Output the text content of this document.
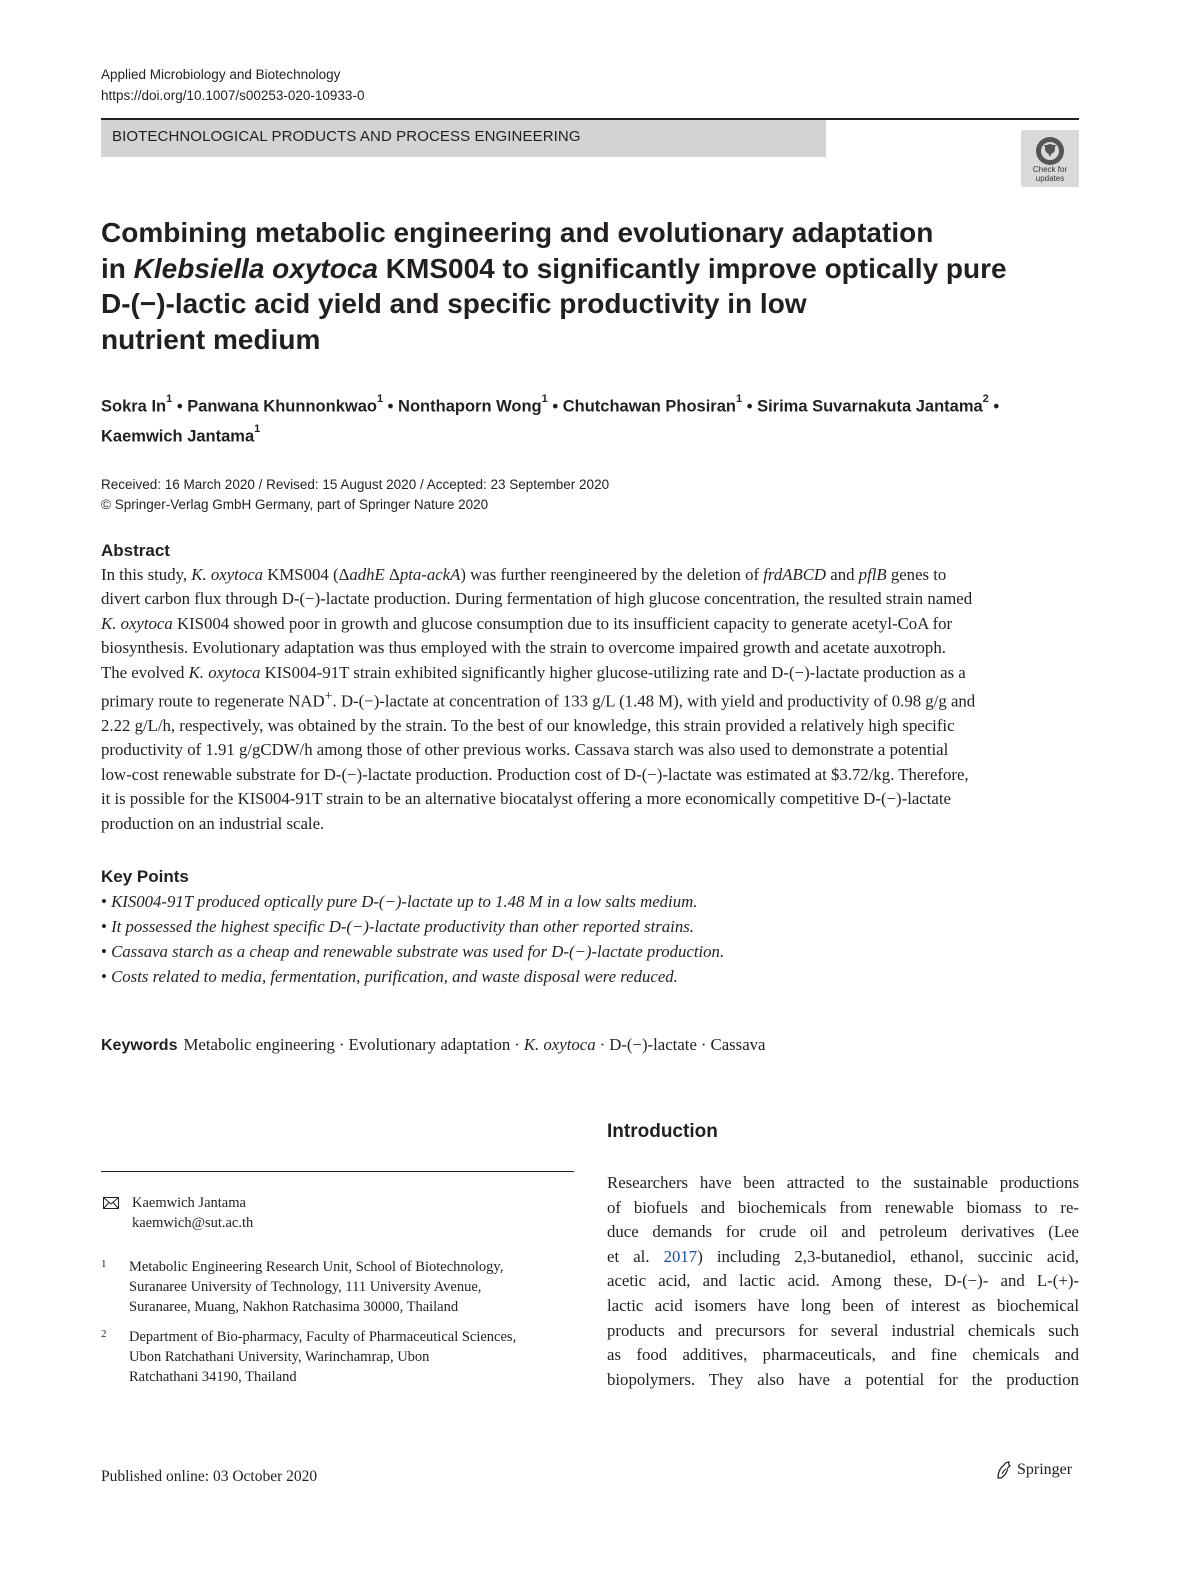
Applied Microbiology and Biotechnology
https://doi.org/10.1007/s00253-020-10933-0
BIOTECHNOLOGICAL PRODUCTS AND PROCESS ENGINEERING
Check for
updates
Combining metabolic engineering and evolutionary adaptation
in Klebsiella oxytoca KMS004 to significantly improve optically pure
D-(−)-lactic acid yield and specific productivity in low
nutrient medium
Sokra In$^1$ • Panwana Khunnonkwao$^1$ • Nonthaporn Wong$^1$ • Chutchawan Phosiran$^1$ • Sirima Suvarnakuta Jantama$^2$ •
Kaemwich Jantama$^1$
Received: 16 March 2020 / Revised: 15 August 2020 / Accepted: 23 September 2020
© Springer-Verlag GmbH Germany, part of Springer Nature 2020
Abstract
In this study, K. oxytoca KMS004 (ΔadhE Δpta-ackA) was further reengineered by the deletion of frdABCD and pflB genes to
divert carbon flux through D-(−)-lactate production. During fermentation of high glucose concentration, the resulted strain named
K. oxytoca KIS004 showed poor in growth and glucose consumption due to its insufficient capacity to generate acetyl-CoA for
biosynthesis. Evolutionary adaptation was thus employed with the strain to overcome impaired growth and acetate auxotroph.
The evolved K. oxytoca KIS004-91T strain exhibited significantly higher glucose-utilizing rate and D-(−)-lactate production as a
primary route to regenerate NAD+. D-(−)-lactate at concentration of 133 g/L (1.48 M), with yield and productivity of 0.98 g/g and
2.22 g/L/h, respectively, was obtained by the strain. To the best of our knowledge, this strain provided a relatively high specific
productivity of 1.91 g/gCDW/h among those of other previous works. Cassava starch was also used to demonstrate a potential
low-cost renewable substrate for D-(−)-lactate production. Production cost of D-(−)-lactate was estimated at $3.72/kg. Therefore,
it is possible for the KIS004-91T strain to be an alternative biocatalyst offering a more economically competitive D-(−)-lactate
production on an industrial scale.
Key Points
• KIS004-91T produced optically pure D-(−)-lactate up to 1.48 M in a low salts medium.
• It possessed the highest specific D-(−)-lactate productivity than other reported strains.
• Cassava starch as a cheap and renewable substrate was used for D-(−)-lactate production.
• Costs related to media, fermentation, purification, and waste disposal were reduced.
Keywords Metabolic engineering · Evolutionary adaptation · K. oxytoca · D-(−)-lactate · Cassava
Introduction
Researchers have been attracted to the sustainable productions
of biofuels and biochemicals from renewable biomass to re-
duce demands for crude oil and petroleum derivatives (Lee
et al. 2017) including 2,3-butanediol, ethanol, succinic acid,
acetic acid, and lactic acid. Among these, D-(−)- and L-(+)-
lactic acid isomers have long been of interest as biochemical
products and precursors for several industrial chemicals such
as food additives, pharmaceuticals, and fine chemicals and
biopolymers. They also have a potential for the production
Kaemwich Jantama
kaemwich@sut.ac.th
1 Metabolic Engineering Research Unit, School of Biotechnology,
Suranaree University of Technology, 111 University Avenue,
Suranaree, Muang, Nakhon Ratchasima 30000, Thailand
2 Department of Bio-pharmacy, Faculty of Pharmaceutical Sciences,
Ubon Ratchathani University, Warinchamrap, Ubon
Ratchathani 34190, Thailand
Published online: 03 October 2020	Springer
